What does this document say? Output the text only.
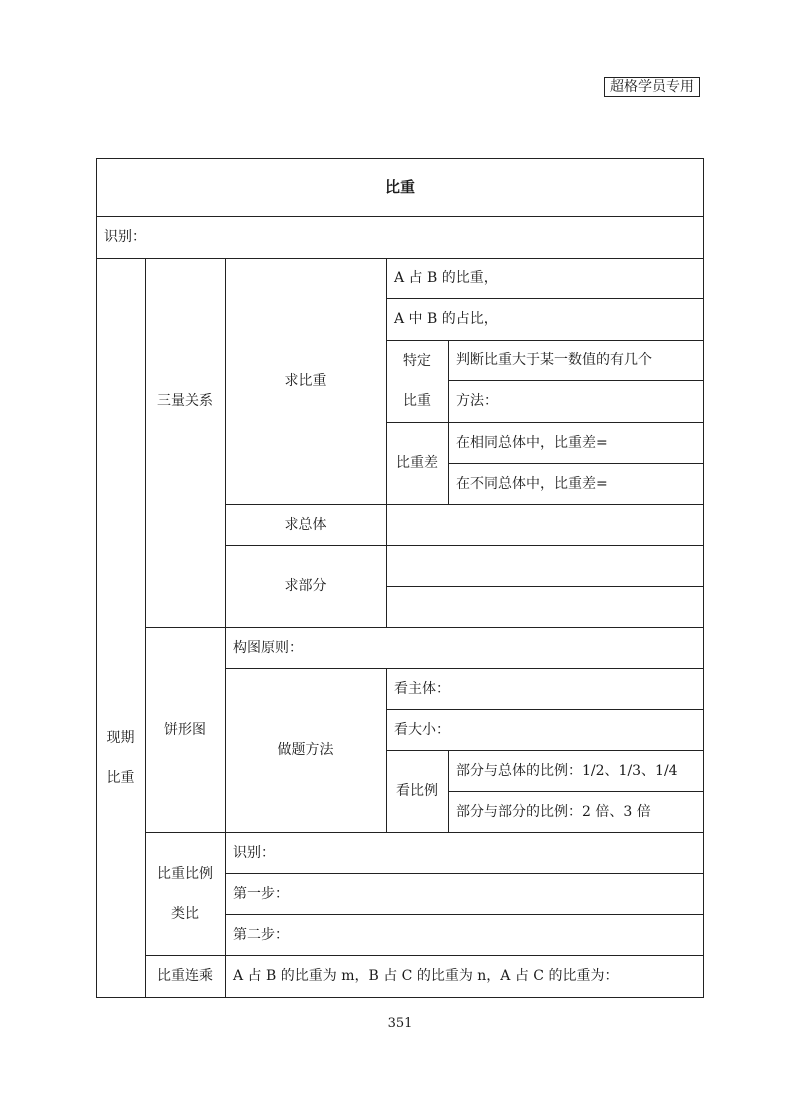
超格学员专用
比重
识别：
现期
比重
三量关系
求比重
A 占 B 的比重，
A 中 B 的占比，
特定
比重
判断比重大于某一数值的有几个
方法：
比重差
在相同总体中，比重差=
在不同总体中，比重差=
求总体
求部分
饼形图
构图原则：
做题方法
看主体：
看大小：
看比例
部分与总体的比例：1/2、1/3、1/4
部分与部分的比例：2 倍、3 倍
比重比例
类比
识别：
第一步：
第二步：
比重连乘	A 占 B 的比重为 m，B 占 C 的比重为 n，A 占 C 的比重为：
351
